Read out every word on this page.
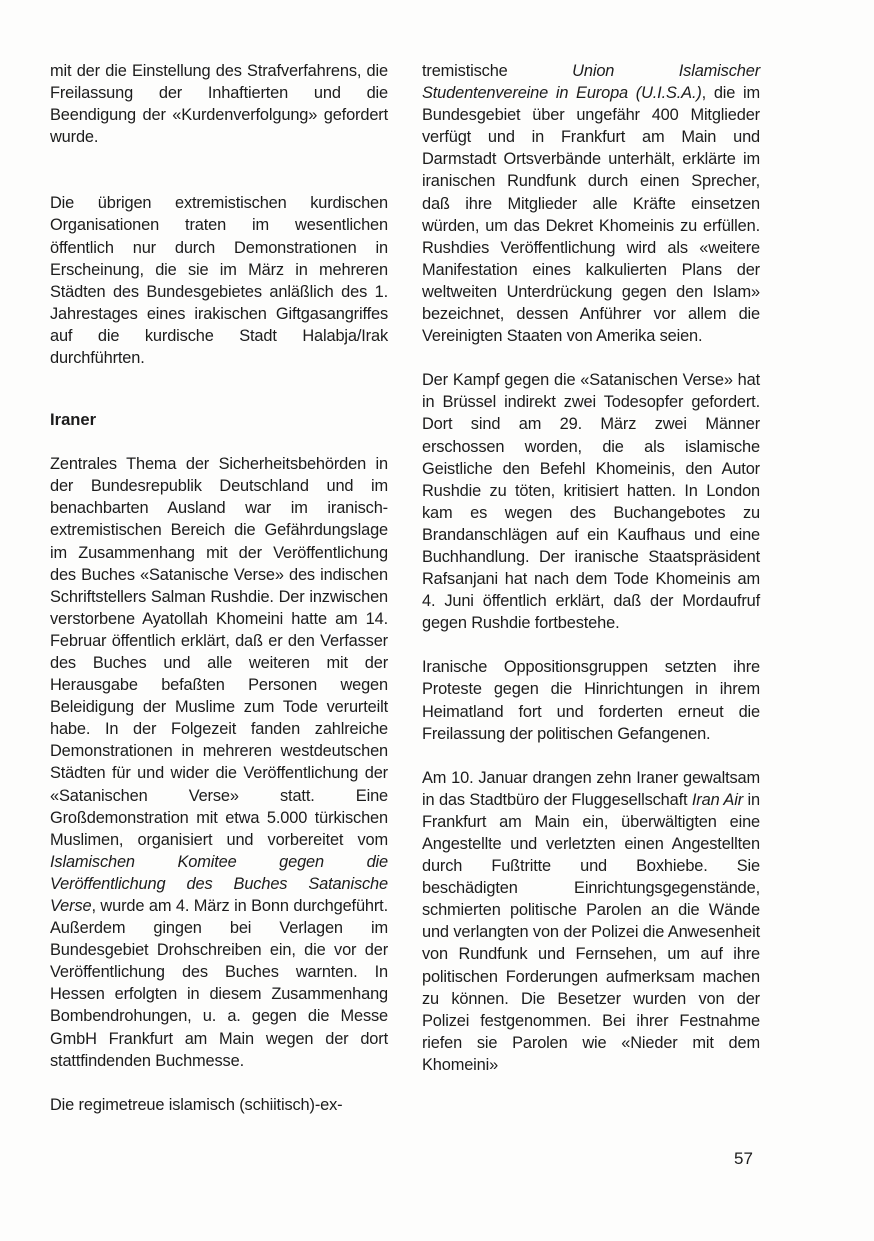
mit der die Einstellung des Strafverfahrens, die Freilassung der Inhaftierten und die Beendigung der «Kurdenverfolgung» gefordert wurde.

Die übrigen extremistischen kurdischen Organisationen traten im wesentlichen öffentlich nur durch Demonstrationen in Erscheinung, die sie im März in mehreren Städten des Bundesgebietes anläßlich des 1. Jahrestages eines irakischen Giftgasangriffes auf die kurdische Stadt Halabja/Irak durchführten.

Iraner

Zentrales Thema der Sicherheitsbehörden in der Bundesrepublik Deutschland und im benachbarten Ausland war im iranisch-extremistischen Bereich die Gefährdungslage im Zusammenhang mit der Veröffentlichung des Buches «Satanische Verse» des indischen Schriftstellers Salman Rushdie. Der inzwischen verstorbene Ayatollah Khomeini hatte am 14. Februar öffentlich erklärt, daß er den Verfasser des Buches und alle weiteren mit der Herausgabe befaßten Personen wegen Beleidigung der Muslime zum Tode verurteilt habe. In der Folgezeit fanden zahlreiche Demonstrationen in mehreren westdeutschen Städten für und wider die Veröffentlichung der «Satanischen Verse» statt. Eine Großdemonstration mit etwa 5.000 türkischen Muslimen, organisiert und vorbereitet vom Islamischen Komitee gegen die Veröffentlichung des Buches Satanische Verse, wurde am 4. März in Bonn durchgeführt. Außerdem gingen bei Verlagen im Bundesgebiet Drohschreiben ein, die vor der Veröffentlichung des Buches warnten. In Hessen erfolgten in diesem Zusammenhang Bombendrohungen, u. a. gegen die Messe GmbH Frankfurt am Main wegen der dort stattfindenden Buchmesse.

Die regimetreue islamisch (schiitisch)-ex-

tremistische Union Islamischer Studentenvereine in Europa (U.I.S.A.), die im Bundesgebiet über ungefähr 400 Mitglieder verfügt und in Frankfurt am Main und Darmstadt Ortsverbände unterhält, erklärte im iranischen Rundfunk durch einen Sprecher, daß ihre Mitglieder alle Kräfte einsetzen würden, um das Dekret Khomeinis zu erfüllen. Rushdies Veröffentlichung wird als «weitere Manifestation eines kalkulierten Plans der weltweiten Unterdrückung gegen den Islam» bezeichnet, dessen Anführer vor allem die Vereinigten Staaten von Amerika seien.

Der Kampf gegen die «Satanischen Verse» hat in Brüssel indirekt zwei Todesopfer gefordert. Dort sind am 29. März zwei Männer erschossen worden, die als islamische Geistliche den Befehl Khomeinis, den Autor Rushdie zu töten, kritisiert hatten. In London kam es wegen des Buchangebotes zu Brandanschlägen auf ein Kaufhaus und eine Buchhandlung. Der iranische Staatspräsident Rafsanjani hat nach dem Tode Khomeinis am 4. Juni öffentlich erklärt, daß der Mordaufruf gegen Rushdie fortbestehe.

Iranische Oppositionsgruppen setzten ihre Proteste gegen die Hinrichtungen in ihrem Heimatland fort und forderten erneut die Freilassung der politischen Gefangenen.

Am 10. Januar drangen zehn Iraner gewaltsam in das Stadtbüro der Fluggesellschaft Iran Air in Frankfurt am Main ein, überwältigten eine Angestellte und verletzten einen Angestellten durch Fußtritte und Boxhiebe. Sie beschädigten Einrichtungsgegenstände, schmierten politische Parolen an die Wände und verlangten von der Polizei die Anwesenheit von Rundfunk und Fernsehen, um auf ihre politischen Forderungen aufmerksam machen zu können. Die Besetzer wurden von der Polizei festgenommen. Bei ihrer Festnahme riefen sie Parolen wie «Nieder mit dem Khomeini»

57
